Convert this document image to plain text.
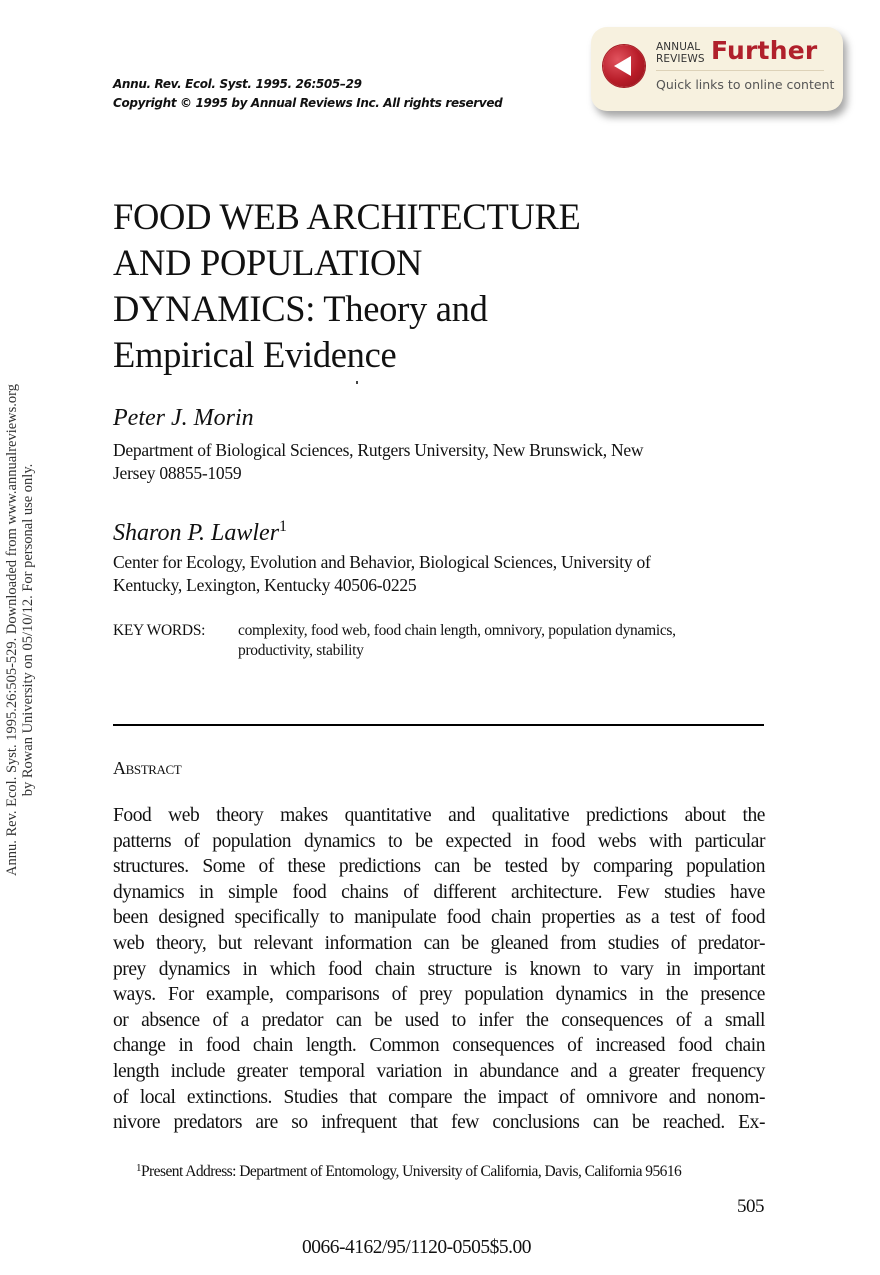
Annu. Rev. Ecol. Syst. 1995.26:505-529. Downloaded from www.annualreviews.org by Rowan University on 05/10/12. For personal use only.
Annu. Rev. Ecol. Syst. 1995. 26:505–29
Copyright © 1995 by Annual Reviews Inc. All rights reserved
ANNUAL
REVIEWS Further
Quick links to online content
FOOD WEB ARCHITECTURE
AND POPULATION
DYNAMICS: Theory and
Empirical Evidence
Peter J. Morin
Department of Biological Sciences, Rutgers University, New Brunswick, New
Jersey 08855-1059
Sharon P. Lawler$^1$
Center for Ecology, Evolution and Behavior, Biological Sciences, University of
Kentucky, Lexington, Kentucky 40506-0225
KEY WORDS:	complexity, food web, food chain length, omnivory, population dynamics,
productivity, stability
Abstract
Food web theory makes quantitative and qualitative predictions about the
patterns of population dynamics to be expected in food webs with particular
structures. Some of these predictions can be tested by comparing population
dynamics in simple food chains of different architecture. Few studies have
been designed specifically to manipulate food chain properties as a test of food
web theory, but relevant information can be gleaned from studies of predator-
prey dynamics in which food chain structure is known to vary in important
ways. For example, comparisons of prey population dynamics in the presence
or absence of a predator can be used to infer the consequences of a small
change in food chain length. Common consequences of increased food chain
length include greater temporal variation in abundance and a greater frequency
of local extinctions. Studies that compare the impact of omnivore and nonom-
nivore predators are so infrequent that few conclusions can be reached. Ex-
$^1$Present Address: Department of Entomology, University of California, Davis, California 95616
505
0066-4162/95/1120-0505$5.00
